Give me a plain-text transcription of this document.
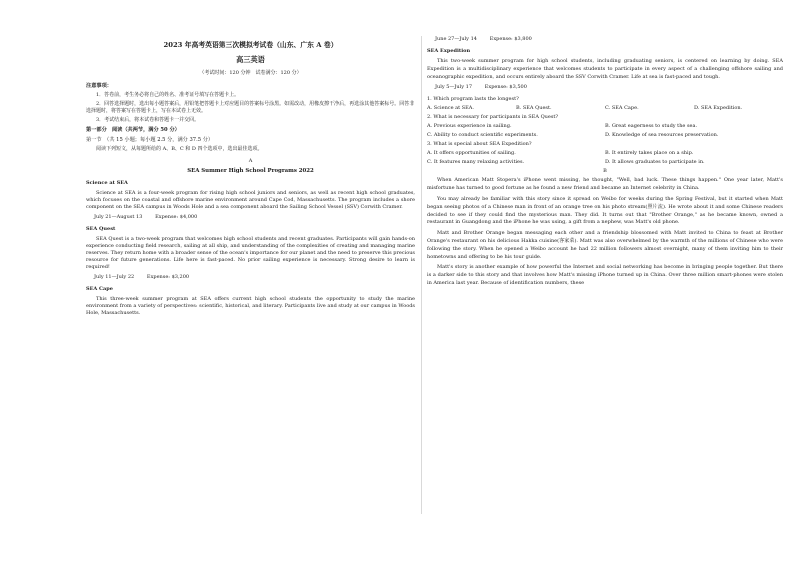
2023 年高考英语第三次模拟考试卷（山东、广东 A 卷）
高三英语
（考试时间：120 分钟　试卷满分：120 分）
注意事项：
1．答卷前，考生务必将自己的姓名、准考证号填写在答题卡上。
2．回答选择题时，选出每小题答案后，用铅笔把答题卡上对应题目的答案标号涂黑。如需改动，用橡皮擦干净后，再选涂其他答案标号。回答非选择题时，将答案写在答题卡上，写在本试卷上无效。
3．考试结束后，将本试卷和答题卡一并交回。
第一部分　阅读（共两节，满分 50 分）
第一节　（共 15 小题；每小题 2.5 分，满分 37.5 分）
阅读下列短文，从每题所给的 A、B、C 和 D 四个选项中，选出最佳选项。
A
SEA Summer High School Programs 2022
Science at SEA
Science at SEA is a four-week program for rising high school juniors and seniors, as well as recent high school graduates, which focuses on the coastal and offshore marine environment around Cape Cod, Massachusetts. The program includes a shore component on the SEA campus in Woods Hole and a sea component aboard the Sailing School Vessel (SSV) Corwith Cramer.
July 21—August 13	Expense: $4,000
SEA Quest
SEA Quest is a two-week program that welcomes high school students and recent graduates. Participants will gain hands-on experience conducting field research, sailing at all ship, and understanding of the complexities of creating and managing marine reserves. They return home with a broader sense of the ocean's importance for our planet and the need to preserve this precious resource for future generations. Life here is fast-paced. No prior sailing experience is necessary. Strong desire to learn is required!
July 11—July 22	Expense: $3,200
SEA Cape
This three-week summer program at SEA offers current high school students the opportunity to study the marine environment from a variety of perspectives: scientific, historical, and literary. Participants live and study at our campus in Woods Hole, Massachusetts.
June 27—July 14	Expense: $3,800
SEA Expedition
This two-week summer program for high school students, including graduating seniors, is centered on learning by doing. SEA Expedition is a multidisciplinary experience that welcomes students to participate in every aspect of a challenging offshore sailing and oceanographic expedition, and occurs entirely aboard the SSV Corwith Cramer. Life at sea is fast-paced and tough.
July 5—July 17	Expense: $3,500
1. Which program lasts the longest?
A. Science at SEA.	B. SEA Quest.	C. SEA Cape.	D. SEA Expedition.
2. What is necessary for participants in SEA Quest?
A. Previous experience in sailing.	B. Great eagerness to study the sea.
C. Ability to conduct scientific experiments.	D. Knowledge of sea resources preservation.
3. What is special about SEA Expedition?
A. It offers opportunities of sailing.	B. It entirely takes place on a ship.
C. It features many relaxing activities.	D. It allows graduates to participate in.
B
When American Matt Stopera's iPhone went missing, he thought, "Well, bad luck. These things happen." One year later, Matt's misfortune has turned to good fortune as he found a new friend and became an Internet celebrity in China.
You may already be familiar with this story since it spread on Weibo for weeks during the Spring Festival, but it started when Matt began seeing photos of a Chinese man in front of an orange tree on his photo stream(照片流). He wrote about it and some Chinese readers decided to see if they could find the mysterious man. They did. It turns out that "Brother Orange," as he became known, owned a restaurant in Guangdong and the iPhone he was using, a gift from a nephew, was Matt's old phone.
Matt and Brother Orange began messaging each other and a friendship blossomed with Matt invited to China to feast at Brother Orange's restaurant on his delicious Hakka cuisine(客家菜). Matt was also overwhelmed by the warmth of the millions of Chinese who were following the story. When he opened a Weibo account he had 22 million followers almost overnight, many of them inviting him to their hometowns and offering to be his tour guide.
Matt's story is another example of how powerful the Internet and social networking has become in bringing people together. But there is a darker side to this story and that involves how Matt's missing iPhone turned up in China. Over three million smart-phones were stolen in America last year. Because of identification numbers, these
